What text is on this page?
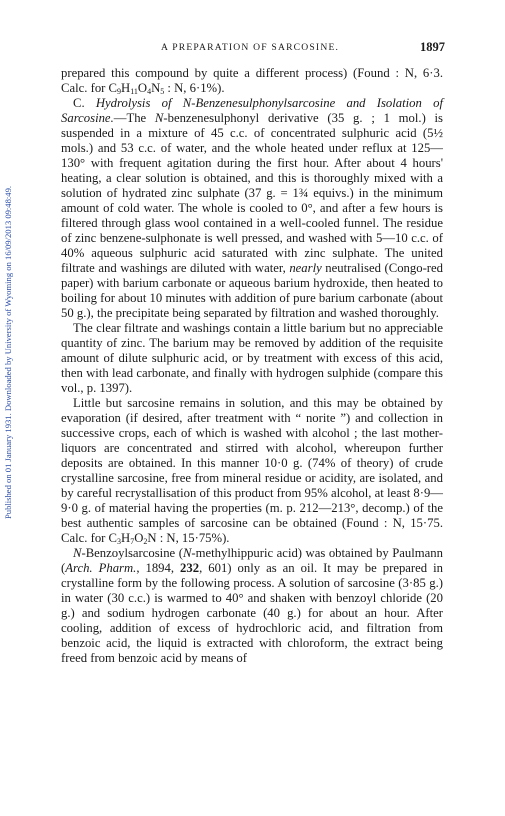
Published on 01 January 1931. Downloaded by University of Wyoming on 16/09/2013 09:48:49.
A PREPARATION OF SARCOSINE.	1897

prepared this compound by quite a different process) (Found : N, 6·3. Calc. for $C_9H_{11}O_4N_5$ : N, 6·1%).

C. Hydrolysis of N-Benzenesulphonylsarcosine and Isolation of Sarcosine.—The N-benzenesulphonyl derivative (35 g. ; 1 mol.) is suspended in a mixture of 45 c.c. of concentrated sulphuric acid (5½ mols.) and 53 c.c. of water, and the whole heated under reflux at 125—130° with frequent agitation during the first hour. After about 4 hours' heating, a clear solution is obtained, and this is thoroughly mixed with a solution of hydrated zinc sulphate (37 g. = 1¾ equivs.) in the minimum amount of cold water. The whole is cooled to 0°, and after a few hours is filtered through glass wool contained in a well-cooled funnel. The residue of zinc benzene-sulphonate is well pressed, and washed with 5—10 c.c. of 40% aqueous sulphuric acid saturated with zinc sulphate. The united filtrate and washings are diluted with water, nearly neutralised (Congo-red paper) with barium carbonate or aqueous barium hydroxide, then heated to boiling for about 10 minutes with addition of pure barium carbonate (about 50 g.), the precipitate being separated by filtration and washed thoroughly.

The clear filtrate and washings contain a little barium but no appreciable quantity of zinc. The barium may be removed by addition of the requisite amount of dilute sulphuric acid, or by treatment with excess of this acid, then with lead carbonate, and finally with hydrogen sulphide (compare this vol., p. 1397).

Little but sarcosine remains in solution, and this may be obtained by evaporation (if desired, after treatment with “ norite ”) and collection in successive crops, each of which is washed with alcohol ; the last mother-liquors are concentrated and stirred with alcohol, whereupon further deposits are obtained. In this manner 10·0 g. (74% of theory) of crude crystalline sarcosine, free from mineral residue or acidity, are isolated, and by careful recrystallisation of this product from 95% alcohol, at least 8·9—9·0 g. of material having the properties (m. p. 212—213°, decomp.) of the best authentic samples of sarcosine can be obtained (Found : N, 15·75. Calc. for $C_3H_7O_2N$ : N, 15·75%).

N-Benzoylsarcosine (N-methylhippuric acid) was obtained by Paulmann (Arch. Pharm., 1894, 232, 601) only as an oil. It may be prepared in crystalline form by the following process. A solution of sarcosine (3·85 g.) in water (30 c.c.) is warmed to 40° and shaken with benzoyl chloride (20 g.) and sodium hydrogen carbonate (40 g.) for about an hour. After cooling, addition of excess of hydrochloric acid, and filtration from benzoic acid, the liquid is extracted with chloroform, the extract being freed from benzoic acid by means of
